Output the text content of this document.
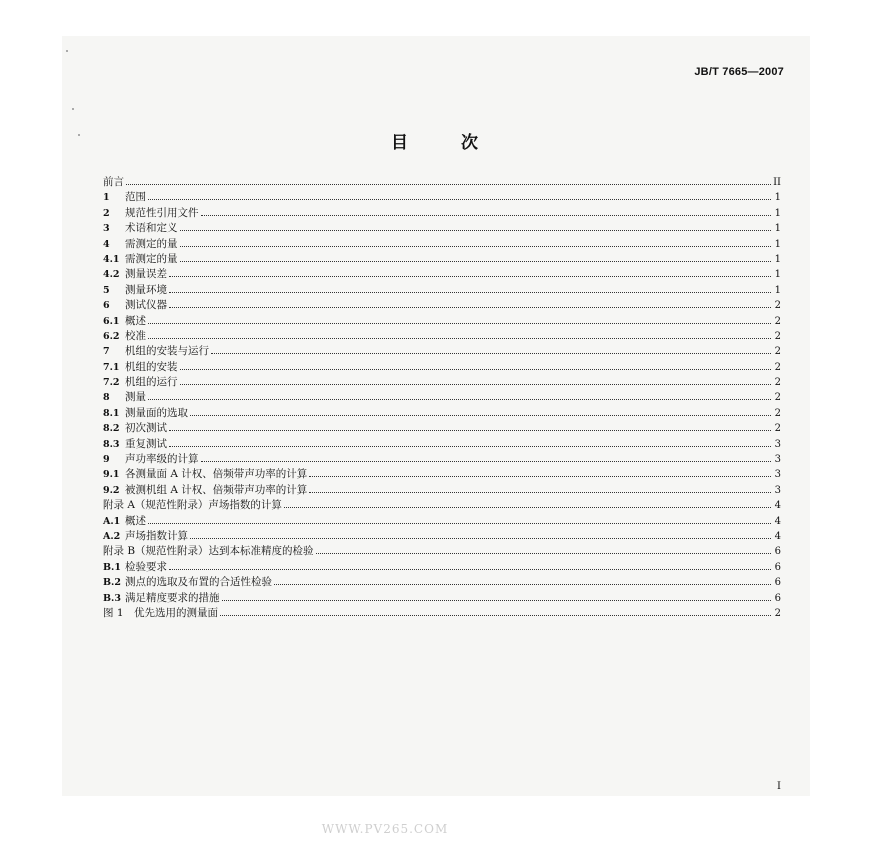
JB/T 7665—2007
目	次
前言	II
1	范围	1
2	规范性引用文件	1
3	术语和定义	1
4	需测定的量	1
4.1 需测定的量	1
4.2 测量误差	1
5	测量环境	1
6	测试仪器	2
6.1 概述	2
6.2 校准	2
7	机组的安装与运行	2
7.1 机组的安装	2
7.2 机组的运行	2
8	测量	2
8.1 测量面的选取	2
8.2 初次测试	2
8.3 重复测试	3
9	声功率级的计算	3
9.1 各测量面 A 计权、倍频带声功率的计算	3
9.2 被测机组 A 计权、倍频带声功率的计算	3
附录 A（规范性附录）声场指数的计算	4
A.1 概述	4
A.2 声场指数计算	4
附录 B（规范性附录）达到本标准精度的检验	6
B.1 检验要求	6
B.2 测点的选取及布置的合适性检验	6
B.3 满足精度要求的措施	6
图 1　优先选用的测量面	2
I
WWW.PV265.COM
